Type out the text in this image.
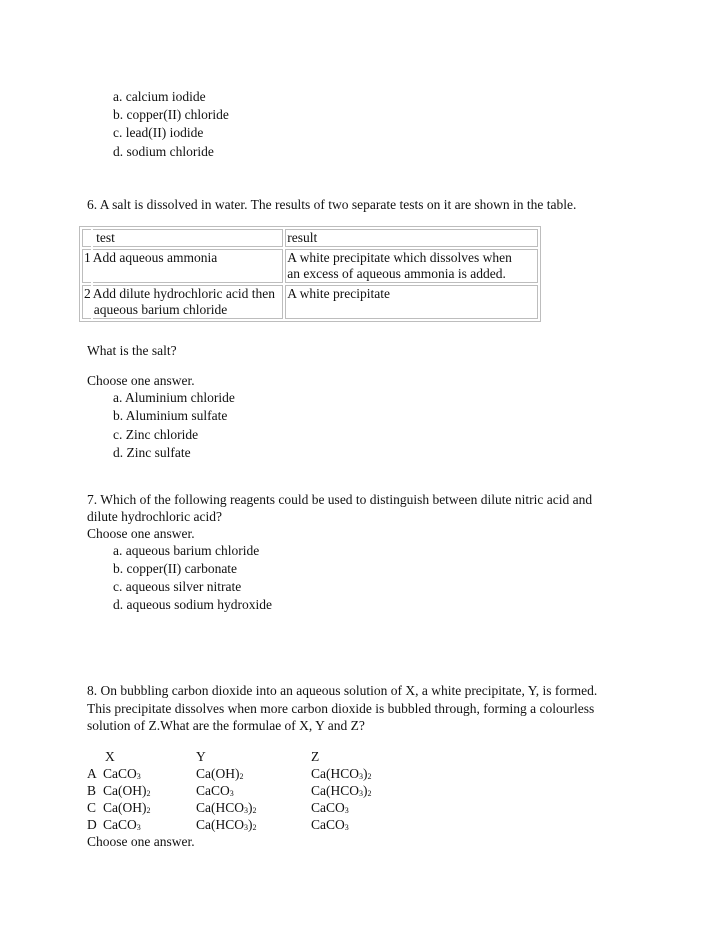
a. calcium iodide
b. copper(II) chloride
c. lead(II) iodide
d. sodium chloride
6. A salt is dissolved in water. The results of two separate tests on it are shown in the table.
	test	result
1	Add aqueous ammonia	A white precipitate which dissolves when
an excess of aqueous ammonia is added.

2	Add dilute hydrochloric acid then
aqueous barium chloride	A white precipitate
What is the salt?
Choose one answer.
a. Aluminium chloride
b. Aluminium sulfate
c. Zinc chloride
d. Zinc sulfate
7. Which of the following reagents could be used to distinguish between dilute nitric acid and
dilute hydrochloric acid?
Choose one answer.
a. aqueous barium chloride
b. copper(II) carbonate
c. aqueous silver nitrate
d. aqueous sodium hydroxide
8. On bubbling carbon dioxide into an aqueous solution of X, a white precipitate, Y, is formed.
This precipitate dissolves when more carbon dioxide is bubbled through, forming a colourless
solution of Z.What are the formulae of X, Y and Z?
X	Y	Z
A CaCO$_3$	$Ca(OH)_2$	$Ca(HCO_3)_2$
B $Ca(OH)_2$	CaCO$_3$	$Ca(HCO_3)_2$
C $Ca(OH)_2$	$Ca(HCO_3)_2$	CaCO$_3$
D CaCO$_3$	$Ca(HCO_3)_2$	CaCO$_3$
Choose one answer.
